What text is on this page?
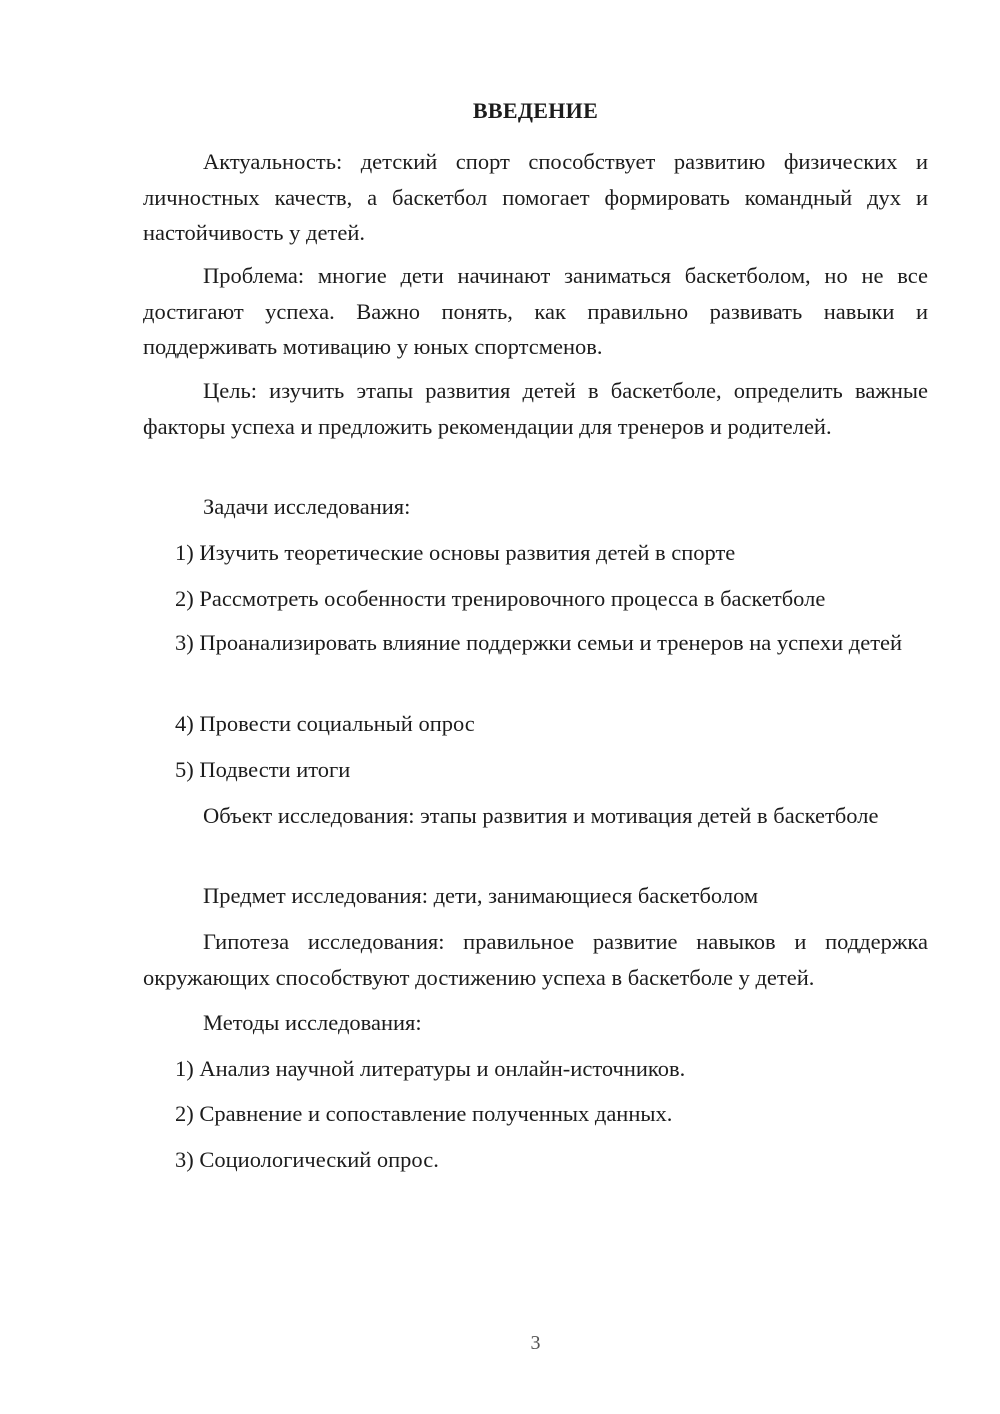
ВВЕДЕНИЕ

Актуальность: детский спорт способствует развитию физических и личностных качеств, а баскетбол помогает формировать командный дух и настойчивость у детей.

Проблема: многие дети начинают заниматься баскетболом, но не все достигают успеха. Важно понять, как правильно развивать навыки и поддерживать мотивацию у юных спортсменов.

Цель: изучить этапы развития детей в баскетболе, определить важные факторы успеха и предложить рекомендации для тренеров и родителей.

Задачи исследования:

1) Изучить теоретические основы развития детей в спорте

2) Рассмотреть особенности тренировочного процесса в баскетболе

3) Проанализировать влияние поддержки семьи и тренеров на успехи детей

4) Провести социальный опрос

5) Подвести итоги

Объект исследования: этапы развития и мотивация детей в баскетболе

Предмет исследования: дети, занимающиеся баскетболом

Гипотеза исследования: правильное развитие навыков и поддержка окружающих способствуют достижению успеха в баскетболе у детей.

Методы исследования:

1) Анализ научной литературы и онлайн-источников.

2) Сравнение и сопоставление полученных данных.

3) Социологический опрос.

3
